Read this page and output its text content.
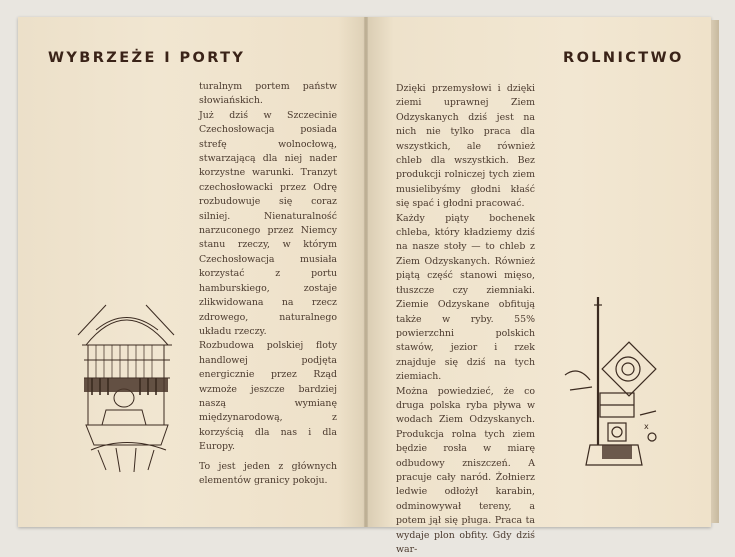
WYBRZEŻE I PORTY	ROLNICTWO

turalnym portem państw słowiańskich.

Już dziś w Szczecinie Czechosłowacja posiada strefę wolnocłową, stwarzającą dla niej nader korzystne warunki. Tranzyt czechosłowacki przez Odrę rozbudowuje się coraz silniej. Nienaturalność narzuconego przez Niemcy stanu rzeczy, w którym Czechosłowacja musiała korzystać z portu hamburskiego, zostaje zlikwidowana na rzecz zdrowego, naturalnego układu rzeczy.

Rozbudowa polskiej floty handlowej podjęta energicznie przez Rząd wzmoże jeszcze bardziej naszą wymianę międzynarodową, z korzyścią dla nas i dla Europy.

To jest jeden z głównych elementów granicy pokoju.

Dzięki przemysłowi i dzięki ziemi uprawnej Ziem Odzyskanych dziś jest na nich nie tylko praca dla wszystkich, ale również chleb dla wszystkich. Bez produkcji rolniczej tych ziem musielibyśmy głodni kłaść się spać i głodni pracować.

Każdy piąty bochenek chleba, który kładziemy dziś na nasze stoły — to chleb z Ziem Odzyskanych. Również piątą część stanowi mięso, tłuszcze czy ziemniaki. Ziemie Odzyskane obfitują także w ryby. 55% powierzchni polskich stawów, jezior i rzek znajduje się dziś na tych ziemiach.

Można powiedzieć, że co druga polska ryba pływa w wodach Ziem Odzyskanych. Produkcja rolna tych ziem będzie rosła w miarę odbudowy zniszczeń. A pracuje cały naród. Żołnierz ledwie odłożył karabin, odminowywał tereny, a potem jął się pługa. Praca ta wydaje plon obfity. Gdy dziś war-

x
